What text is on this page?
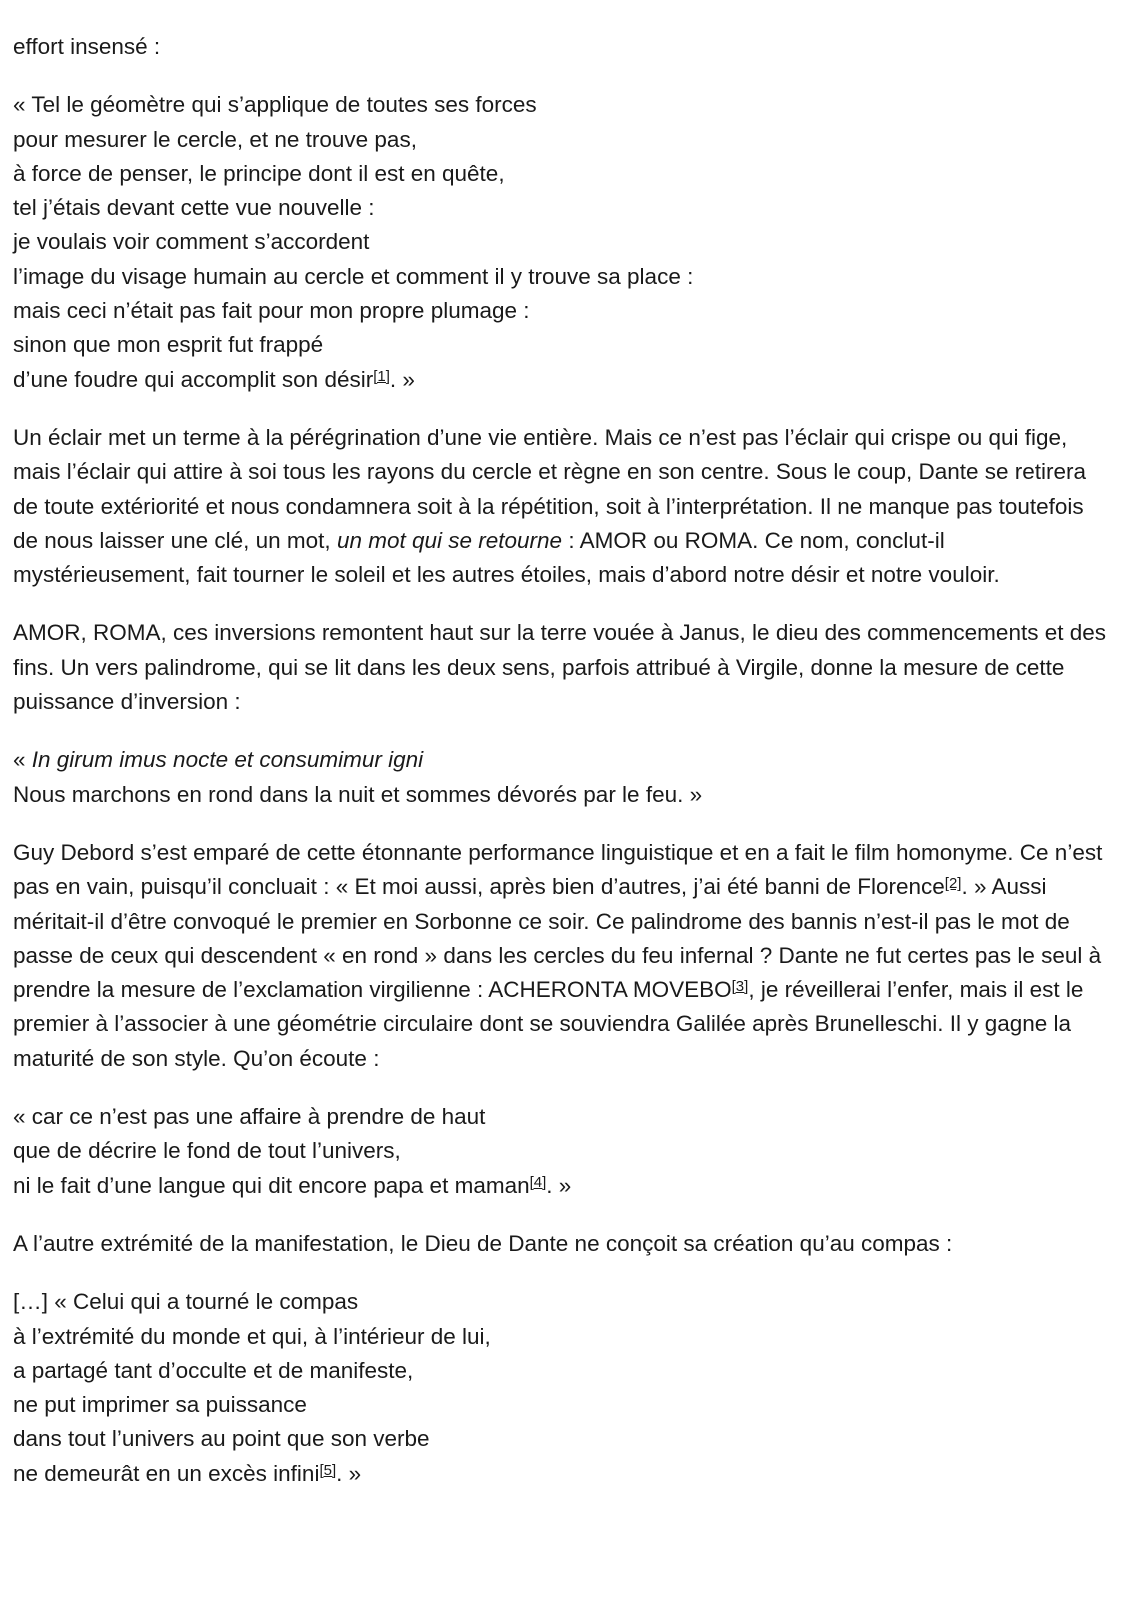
effort insensé :

« Tel le géomètre qui s’applique de toutes ses forces
pour mesurer le cercle, et ne trouve pas,
à force de penser, le principe dont il est en quête,
tel j’étais devant cette vue nouvelle :
je voulais voir comment s’accordent
l’image du visage humain au cercle et comment il y trouve sa place :
mais ceci n’était pas fait pour mon propre plumage :
sinon que mon esprit fut frappé
d’une foudre qui accomplit son désir[1]. »

Un éclair met un terme à la pérégrination d’une vie entière. Mais ce n’est pas l’éclair qui crispe ou qui fige, mais l’éclair qui attire à soi tous les rayons du cercle et règne en son centre. Sous le coup, Dante se retirera de toute extériorité et nous condamnera soit à la répétition, soit à l’interprétation. Il ne manque pas toutefois de nous laisser une clé, un mot, un mot qui se retourne : AMOR ou ROMA. Ce nom, conclut-il mystérieusement, fait tourner le soleil et les autres étoiles, mais d’abord notre désir et notre vouloir.

AMOR, ROMA, ces inversions remontent haut sur la terre vouée à Janus, le dieu des commencements et des fins. Un vers palindrome, qui se lit dans les deux sens, parfois attribué à Virgile, donne la mesure de cette puissance d’inversion :

« In girum imus nocte et consumimur igni
Nous marchons en rond dans la nuit et sommes dévorés par le feu. »

Guy Debord s’est emparé de cette étonnante performance linguistique et en a fait le film homonyme. Ce n’est pas en vain, puisqu’il concluait : « Et moi aussi, après bien d’autres, j’ai été banni de Florence[2]. » Aussi méritait-il d’être convoqué le premier en Sorbonne ce soir. Ce palindrome des bannis n’est-il pas le mot de passe de ceux qui descendent « en rond » dans les cercles du feu infernal ? Dante ne fut certes pas le seul à prendre la mesure de l’exclamation virgilienne : ACHERONTA MOVEBO[3], je réveillerai l’enfer, mais il est le premier à l’associer à une géométrie circulaire dont se souviendra Galilée après Brunelleschi. Il y gagne la maturité de son style. Qu’on écoute :

« car ce n’est pas une affaire à prendre de haut
que de décrire le fond de tout l’univers,
ni le fait d’une langue qui dit encore papa et maman[4]. »

A l’autre extrémité de la manifestation, le Dieu de Dante ne conçoit sa création qu’au compas :

[…] « Celui qui a tourné le compas
à l’extrémité du monde et qui, à l’intérieur de lui,
a partagé tant d’occulte et de manifeste,
ne put imprimer sa puissance
dans tout l’univers au point que son verbe
ne demeurât en un excès infini[5]. »
